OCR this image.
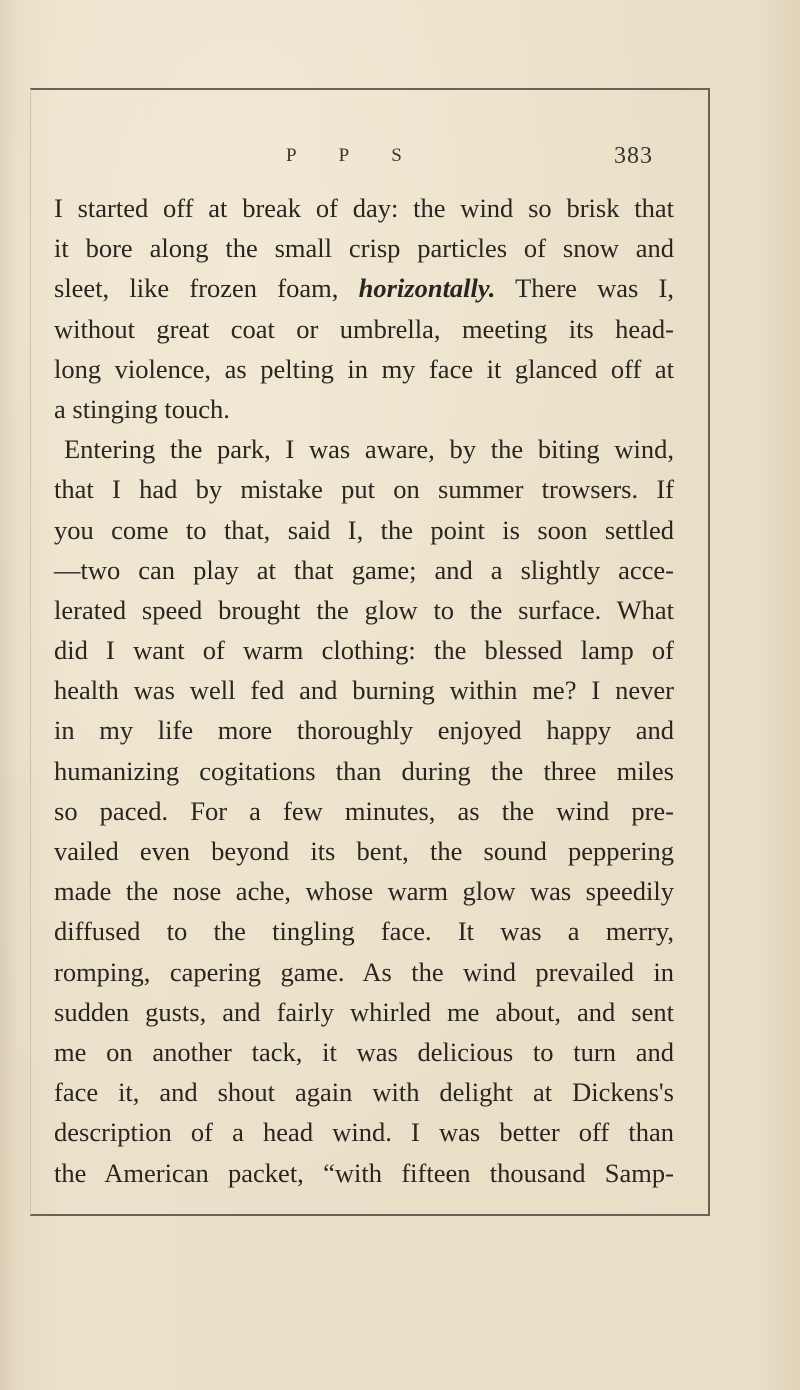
P P S	383
I started off at break of day: the wind so brisk that
it bore along the small crisp particles of snow and
sleet, like frozen foam, horizontally. There was I,
without great coat or umbrella, meeting its head-
long violence, as pelting in my face it glanced off at
a stinging touch.
Entering the park, I was aware, by the biting wind,
that I had by mistake put on summer trowsers. If
you come to that, said I, the point is soon settled
—two can play at that game; and a slightly acce-
lerated speed brought the glow to the surface. What
did I want of warm clothing: the blessed lamp of
health was well fed and burning within me? I never
in my life more thoroughly enjoyed happy and
humanizing cogitations than during the three miles
so paced. For a few minutes, as the wind pre-
vailed even beyond its bent, the sound peppering
made the nose ache, whose warm glow was speedily
diffused to the tingling face. It was a merry,
romping, capering game. As the wind prevailed in
sudden gusts, and fairly whirled me about, and sent
me on another tack, it was delicious to turn and
face it, and shout again with delight at Dickens's
description of a head wind. I was better off than
the American packet, “with fifteen thousand Samp-
